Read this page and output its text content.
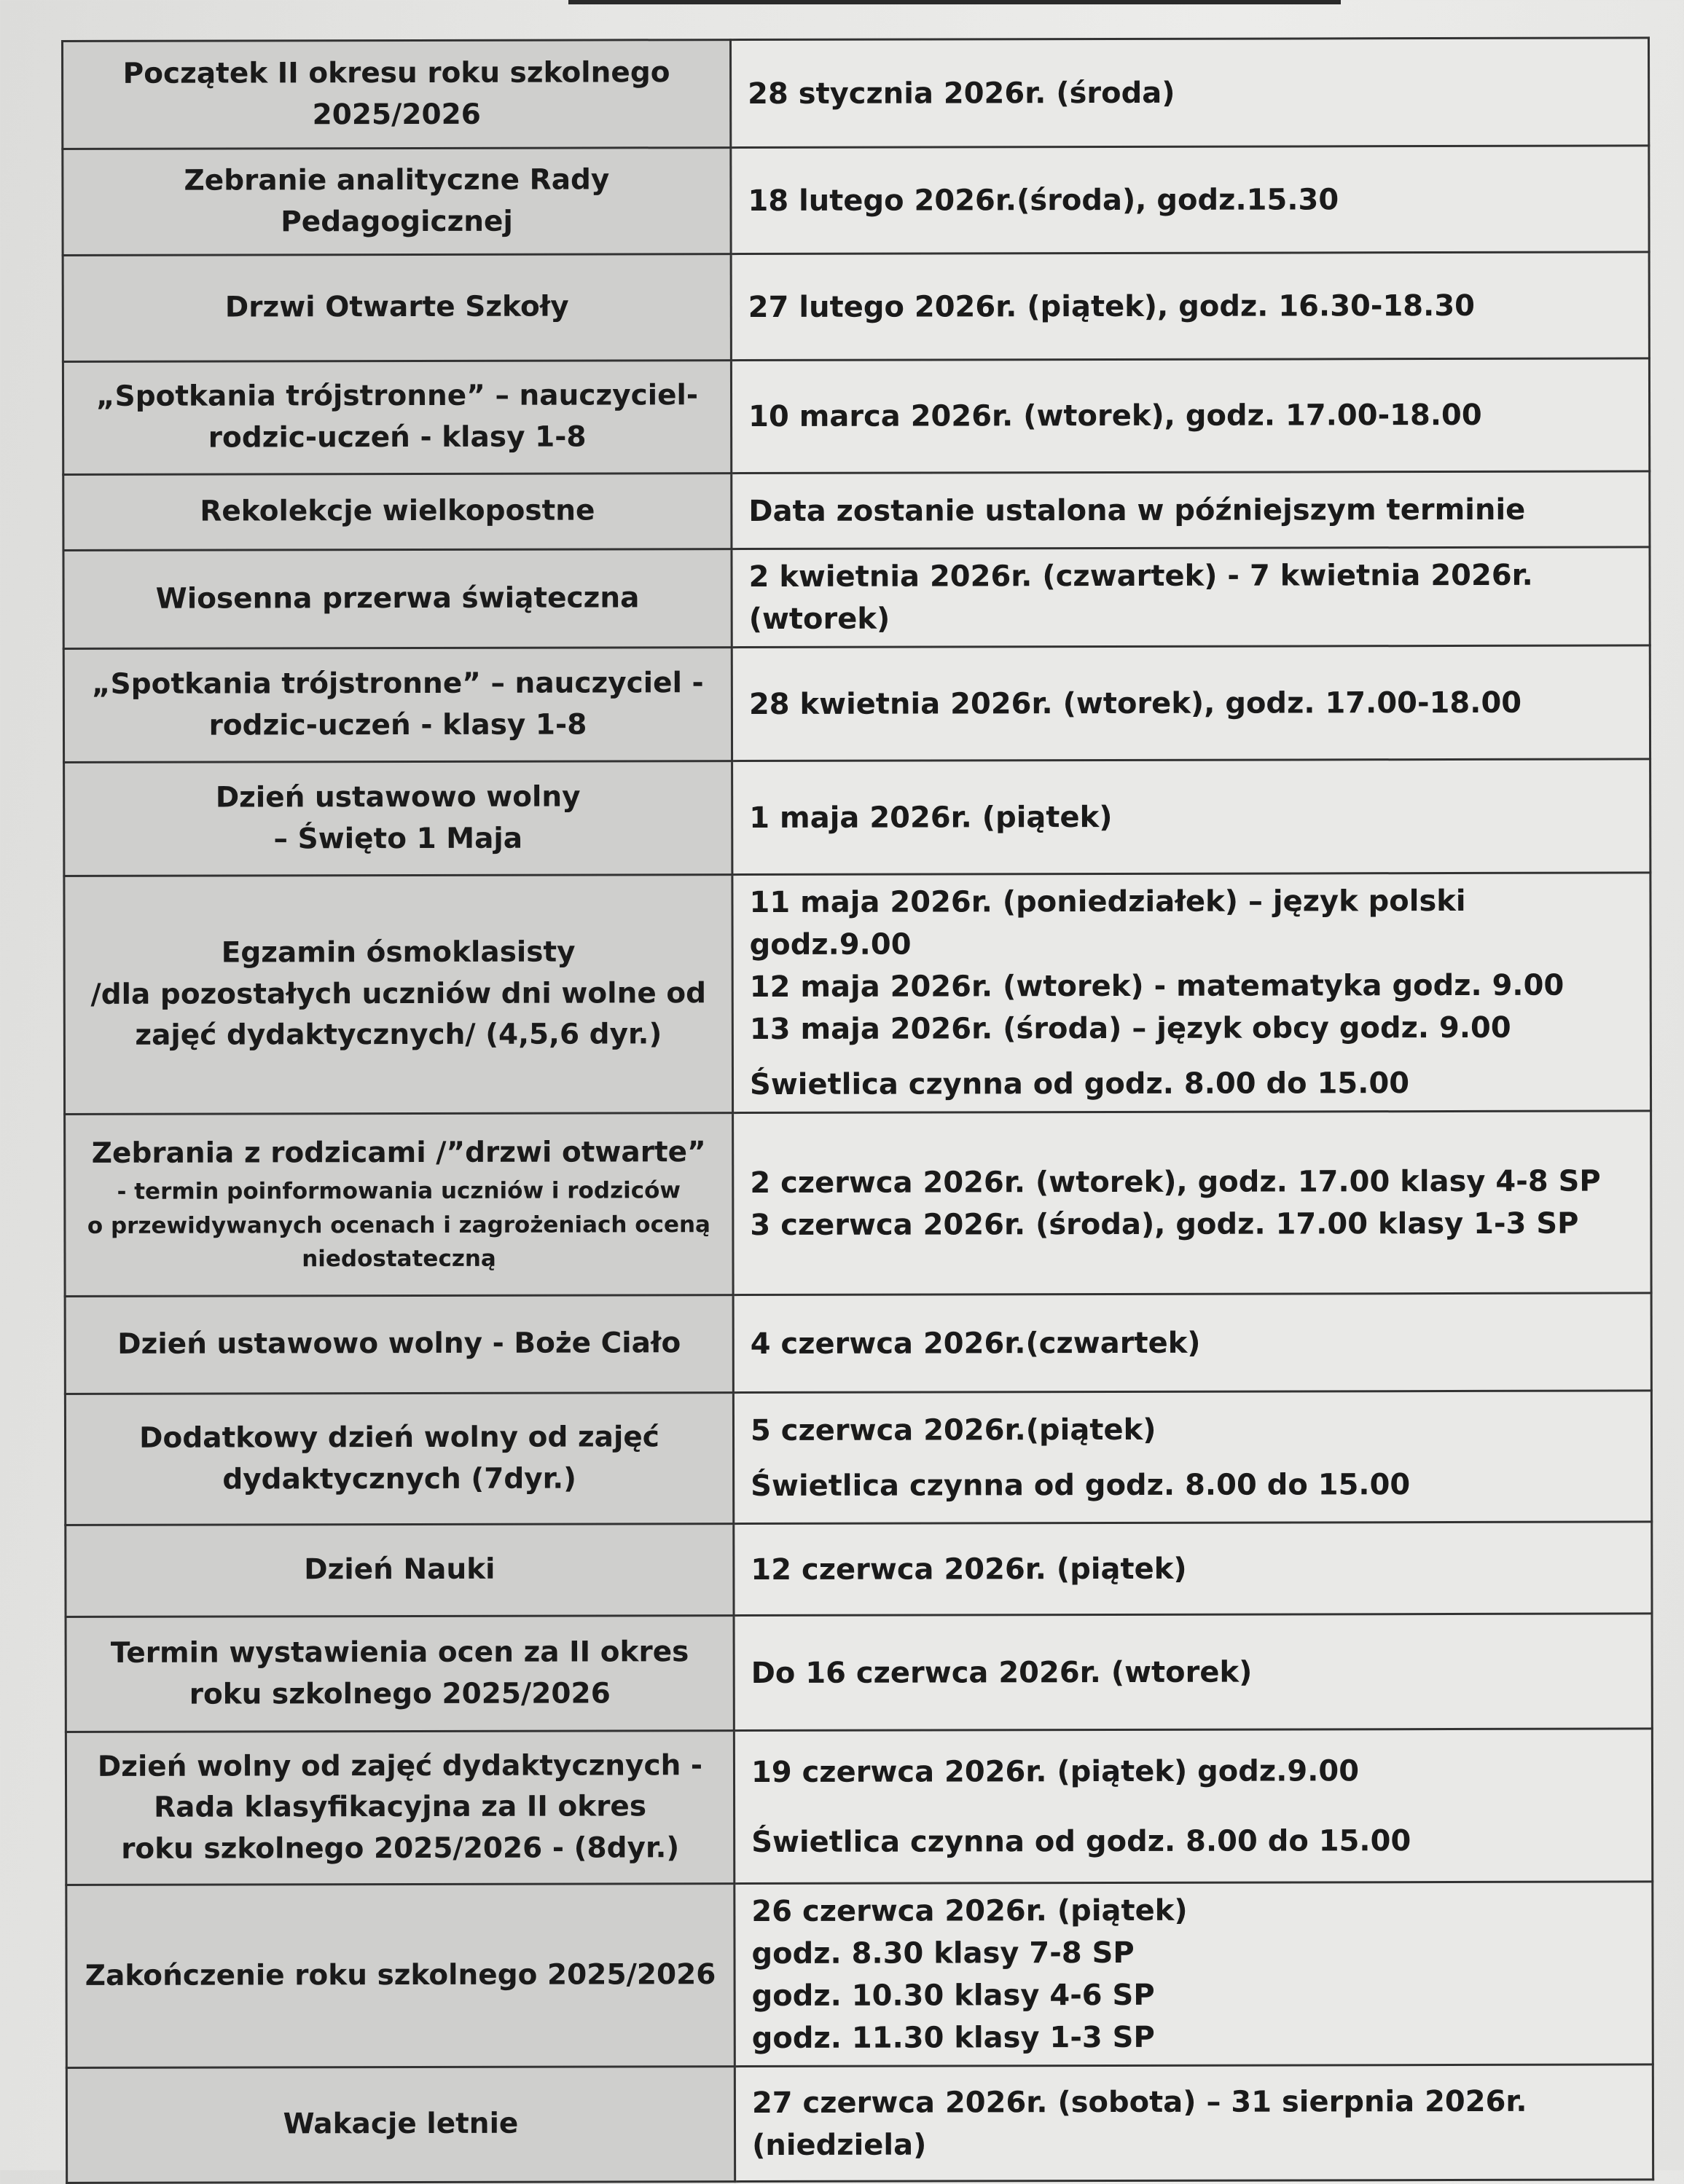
Początek II okresu roku szkolnego
2025/2026	28 stycznia 2026r. (środa)

Zebranie analityczne Rady Pedagogicznej	18 lutego 2026r.(środa), godz.15.30

Drzwi Otwarte Szkoły	27 lutego 2026r. (piątek), godz. 16.30-18.30

„Spotkania trójstronne” – nauczyciel-
rodzic-uczeń - klasy 1-8	10 marca 2026r. (wtorek), godz. 17.00-18.00

Rekolekcje wielkopostne	Data zostanie ustalona w późniejszym terminie

Wiosenna przerwa świąteczna	2 kwietnia 2026r. (czwartek) - 7 kwietnia 2026r. (wtorek)

„Spotkania trójstronne” – nauczyciel -
rodzic-uczeń - klasy 1-8	28 kwietnia 2026r. (wtorek), godz. 17.00-18.00

Dzień ustawowo wolny
– Święto 1 Maja	1 maja 2026r. (piątek)

Egzamin ósmoklasisty
/dla pozostałych uczniów dni wolne od
zajęć dydaktycznych/ (4,5,6 dyr.)	11 maja 2026r. (poniedziałek) – język polski godz.9.00
12 maja 2026r. (wtorek) - matematyka godz. 9.00
13 maja 2026r. (środa) – język obcy godz. 9.00
Świetlica czynna od godz. 8.00 do 15.00

Zebrania z rodzicami /”drzwi otwarte”
- termin poinformowania uczniów i rodziców
o przewidywanych ocenach i zagrożeniach oceną
niedostateczną	2 czerwca 2026r. (wtorek), godz. 17.00 klasy 4-8 SP
3 czerwca 2026r. (środa), godz. 17.00 klasy 1-3 SP

Dzień ustawowo wolny - Boże Ciało	4 czerwca 2026r.(czwartek)

Dodatkowy dzień wolny od zajęć
dydaktycznych (7dyr.)	5 czerwca 2026r.(piątek)
Świetlica czynna od godz. 8.00 do 15.00

Dzień Nauki	12 czerwca 2026r. (piątek)

Termin wystawienia ocen za II okres
roku szkolnego 2025/2026	Do 16 czerwca 2026r. (wtorek)

Dzień wolny od zajęć dydaktycznych -
Rada klasyfikacyjna za II okres
roku szkolnego 2025/2026 - (8dyr.)	19 czerwca 2026r. (piątek) godz.9.00
Świetlica czynna od godz. 8.00 do 15.00

Zakończenie roku szkolnego 2025/2026	26 czerwca 2026r. (piątek)
godz. 8.30 klasy 7-8 SP
godz. 10.30 klasy 4-6 SP
godz. 11.30 klasy 1-3 SP

Wakacje letnie	27 czerwca 2026r. (sobota) – 31 sierpnia 2026r. (niedziela)
